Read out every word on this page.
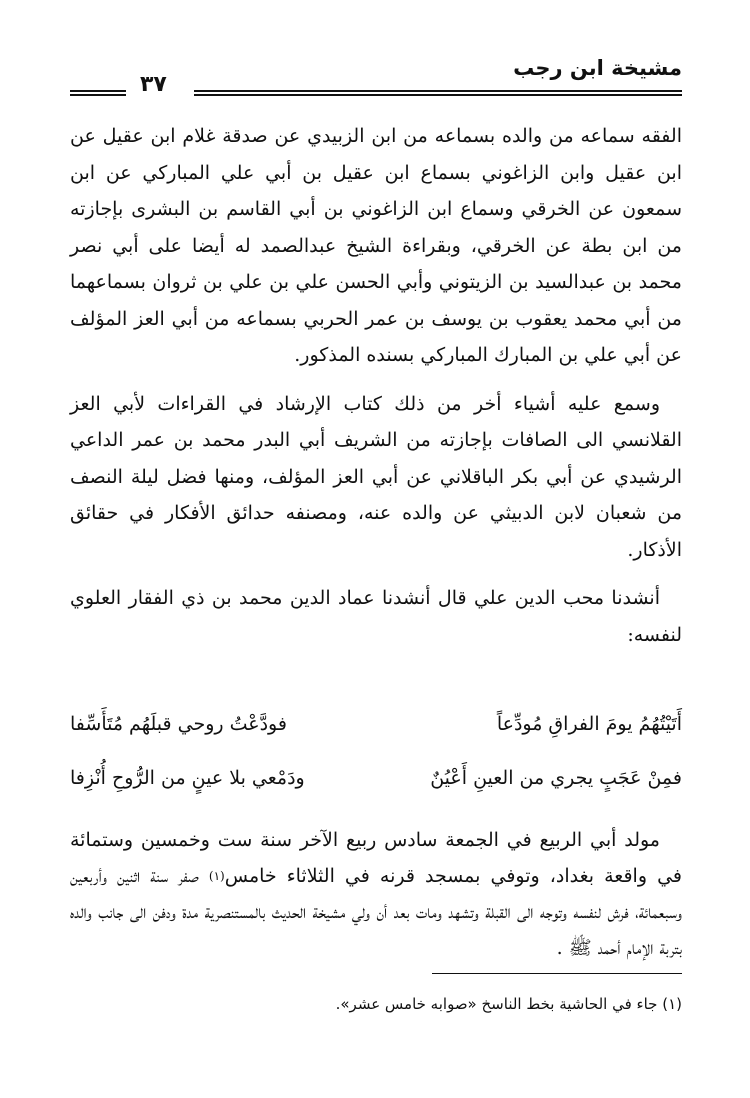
مشيخة ابن رجب
٣٧

الفقه سماعه من والده بسماعه من ابن الزبيدي عن صدقة غلام ابن عقيل عن ابن عقيل وابن الزاغوني بسماع ابن عقيل بن أبي علي المباركي عن ابن سمعون عن الخرقي وسماع ابن الزاغوني بن أبي القاسم بن البشرى بإجازته من ابن بطة عن الخرقي، وبقراءة الشيخ عبدالصمد له أيضا على أبي نصر محمد بن عبدالسيد بن الزيتوني وأبي الحسن علي بن علي بن ثروان بسماعهما من أبي محمد يعقوب بن يوسف بن عمر الحربي بسماعه من أبي العز المؤلف عن أبي علي بن المبارك المباركي بسنده المذكور.

وسمع عليه أشياء أخر من ذلك كتاب الإرشاد في القراءات لأبي العز القلانسي الى الصافات بإجازته من الشريف أبي البدر محمد بن عمر الداعي الرشيدي عن أبي بكر الباقلاني عن أبي العز المؤلف، ومنها فضل ليلة النصف من شعبان لابن الدبيثي عن والده عنه، ومصنفه حدائق الأفكار في حقائق الأذكار.

أنشدنا محب الدين علي قال أنشدنا عماد الدين محمد بن ذي الفقار العلوي لنفسه:

أَتَيْتُهُمُ يومَ الفراقِ مُودِّعاً
فودَّعْتُ روحي قبلَهُم مُتَأَسِّفا
فمِنْ عَجَبٍ يجري من العينِ أَعْيُنٌ
ودَمْعي بلا عينٍ من الرُّوحِ أُنْزِفا

مولد أبي الربيع في الجمعة سادس ربيع الآخر سنة ست وخمسين وستمائة في واقعة بغداد، وتوفي بمسجد قرنه في الثلاثاء خامس$^{(١)}$ صفر سنة اثنين وأربعين وسبعمائة، فرش لنفسه وتوجه الى القبلة وتشهد ومات بعد أن ولي مشيخة الحديث بالمستنصرية مدة ودفن الى جانب والده بتربة الإمام أحمد ﷺ .

(١) جاء في الحاشية بخط الناسخ «صوابه خامس عشر».
